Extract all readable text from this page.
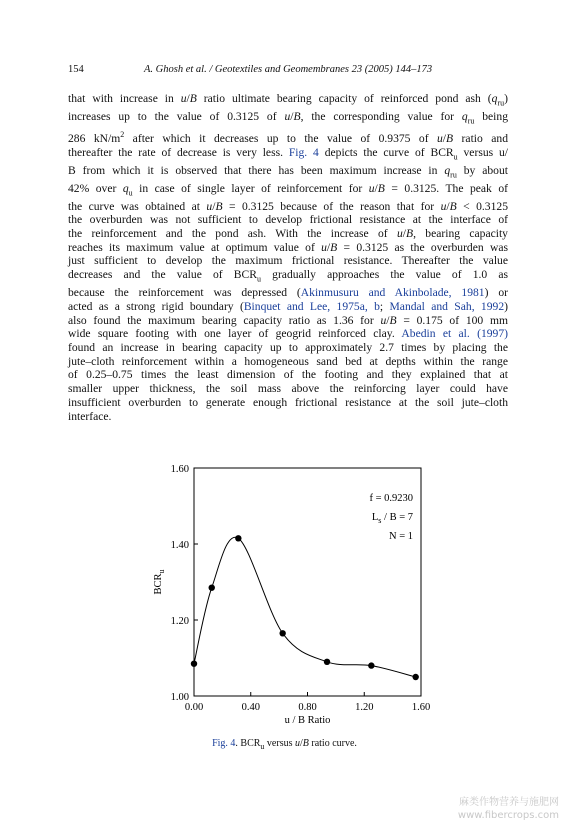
154	A. Ghosh et al. / Geotextiles and Geomembranes 23 (2005) 144–173
that with increase in u/B ratio ultimate bearing capacity of reinforced pond ash $(q_{ru})$
increases up to the value of 0.3125 of u/B, the corresponding value for $q_{ru}$ being
286 $kN/m^2$ after which it decreases up to the value of 0.9375 of u/B ratio and
thereafter the rate of decrease is very less. Fig. 4 depicts the curve of $BCR_u$ versus u/
B from which it is observed that there has been maximum increase in $q_{ru}$ by about
42% over $q_u$ in case of single layer of reinforcement for u/B = 0.3125. The peak of
the curve was obtained at u/B = 0.3125 because of the reason that for u/B < 0.3125
the overburden was not sufficient to develop frictional resistance at the interface of
the reinforcement and the pond ash. With the increase of u/B, bearing capacity
reaches its maximum value at optimum value of u/B = 0.3125 as the overburden was
just sufficient to develop the maximum frictional resistance. Thereafter the value
decreases and the value of $BCR_u$ gradually approaches the value of 1.0 as
because the reinforcement was depressed (Akinmusuru and Akinbolade, 1981) or
acted as a strong rigid boundary (Binquet and Lee, 1975a, b; Mandal and Sah, 1992)
also found the maximum bearing capacity ratio as 1.36 for u/B = 0.175 of 100 mm
wide square footing with one layer of geogrid reinforced clay. Abedin et al. (1997)
found an increase in bearing capacity up to approximately 2.7 times by placing the
jute–cloth reinforcement within a homogeneous sand bed at depths within the range
of 0.25–0.75 times the least dimension of the footing and they explained that at
smaller upper thickness, the soil mass above the reinforcing layer could have
insufficient overburden to generate enough frictional resistance at the soil jute–cloth
interface.
0.00	0.40	0.80	1.20	1.60
1.00
1.20
1.40
1.60
u / B Ratio
$BCR_u$
f = 0.9230
$L_s / B = 7$
N = 1
Fig. 4. $BCR_u$ versus u/B ratio curve.
麻类作物营养与施肥网
www.fibercrops.com
